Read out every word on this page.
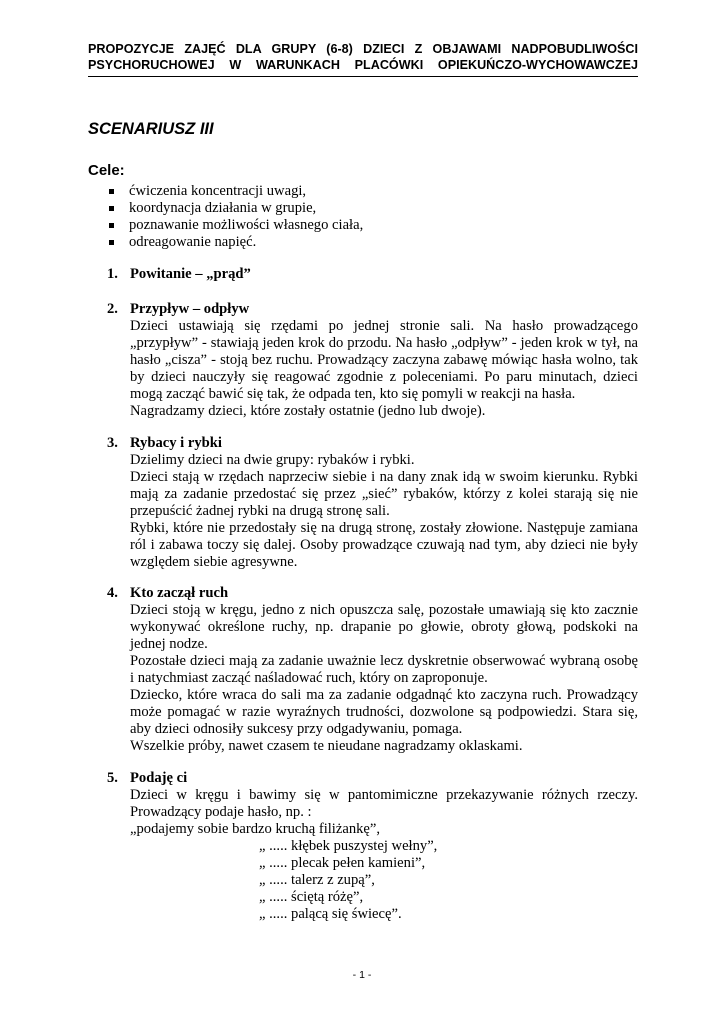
PROPOZYCJE ZAJĘĆ DLA GRUPY (6-8) DZIECI Z OBJAWAMI NADPOBUDLIWOŚCI
PSYCHORUCHOWEJ W WARUNKACH PLACÓWKI OPIEKUŃCZO-WYCHOWAWCZEJ
SCENARIUSZ III
Cele:
ćwiczenia koncentracji uwagi,
koordynacja działania w grupie,
poznawanie możliwości własnego ciała,
odreagowanie napięć.
1. Powitanie – „prąd”
2. Przypływ – odpływ
Dzieci ustawiają się rzędami po jednej stronie sali. Na hasło prowadzącego
„przypływ” - stawiają jeden krok do przodu. Na hasło „odpływ” - jeden krok w tył, na
hasło „cisza” - stoją bez ruchu. Prowadzący zaczyna zabawę mówiąc hasła wolno, tak
by dzieci nauczyły się reagować zgodnie z poleceniami. Po paru minutach, dzieci
mogą zacząć bawić się tak, że odpada ten, kto się pomyli w reakcji na hasła.
Nagradzamy dzieci, które zostały ostatnie (jedno lub dwoje).
3. Rybacy i rybki
Dzielimy dzieci na dwie grupy: rybaków i rybki.
Dzieci stają w rzędach naprzeciw siebie i na dany znak idą w swoim kierunku. Rybki
mają za zadanie przedostać się przez „sieć” rybaków, którzy z kolei starają się nie
przepuścić żadnej rybki na drugą stronę sali.
Rybki, które nie przedostały się na drugą stronę, zostały złowione. Następuje zamiana
ról i zabawa toczy się dalej. Osoby prowadzące czuwają nad tym, aby dzieci nie były
względem siebie agresywne.
4. Kto zaczął ruch
Dzieci stoją w kręgu, jedno z nich opuszcza salę, pozostałe umawiają się kto zacznie
wykonywać określone ruchy, np. drapanie po głowie, obroty głową, podskoki na
jednej nodze.
Pozostałe dzieci mają za zadanie uważnie lecz dyskretnie obserwować wybraną osobę
i natychmiast zacząć naśladować ruch, który on zaproponuje.
Dziecko, które wraca do sali ma za zadanie odgadnąć kto zaczyna ruch. Prowadzący
może pomagać w razie wyraźnych trudności, dozwolone są podpowiedzi. Stara się,
aby dzieci odnosiły sukcesy przy odgadywaniu, pomaga.
Wszelkie próby, nawet czasem te nieudane nagradzamy oklaskami.
5. Podaję ci
Dzieci w kręgu i bawimy się w pantomimiczne przekazywanie różnych rzeczy.
Prowadzący podaje hasło, np. :
„podajemy sobie bardzo kruchą filiżankę”,
„ ..... kłębek puszystej wełny”,
„ ..... plecak pełen kamieni”,
„ ..... talerz z zupą”,
„ ..... ściętą różę”,
„ ..... palącą się świecę”.
- 1 -
